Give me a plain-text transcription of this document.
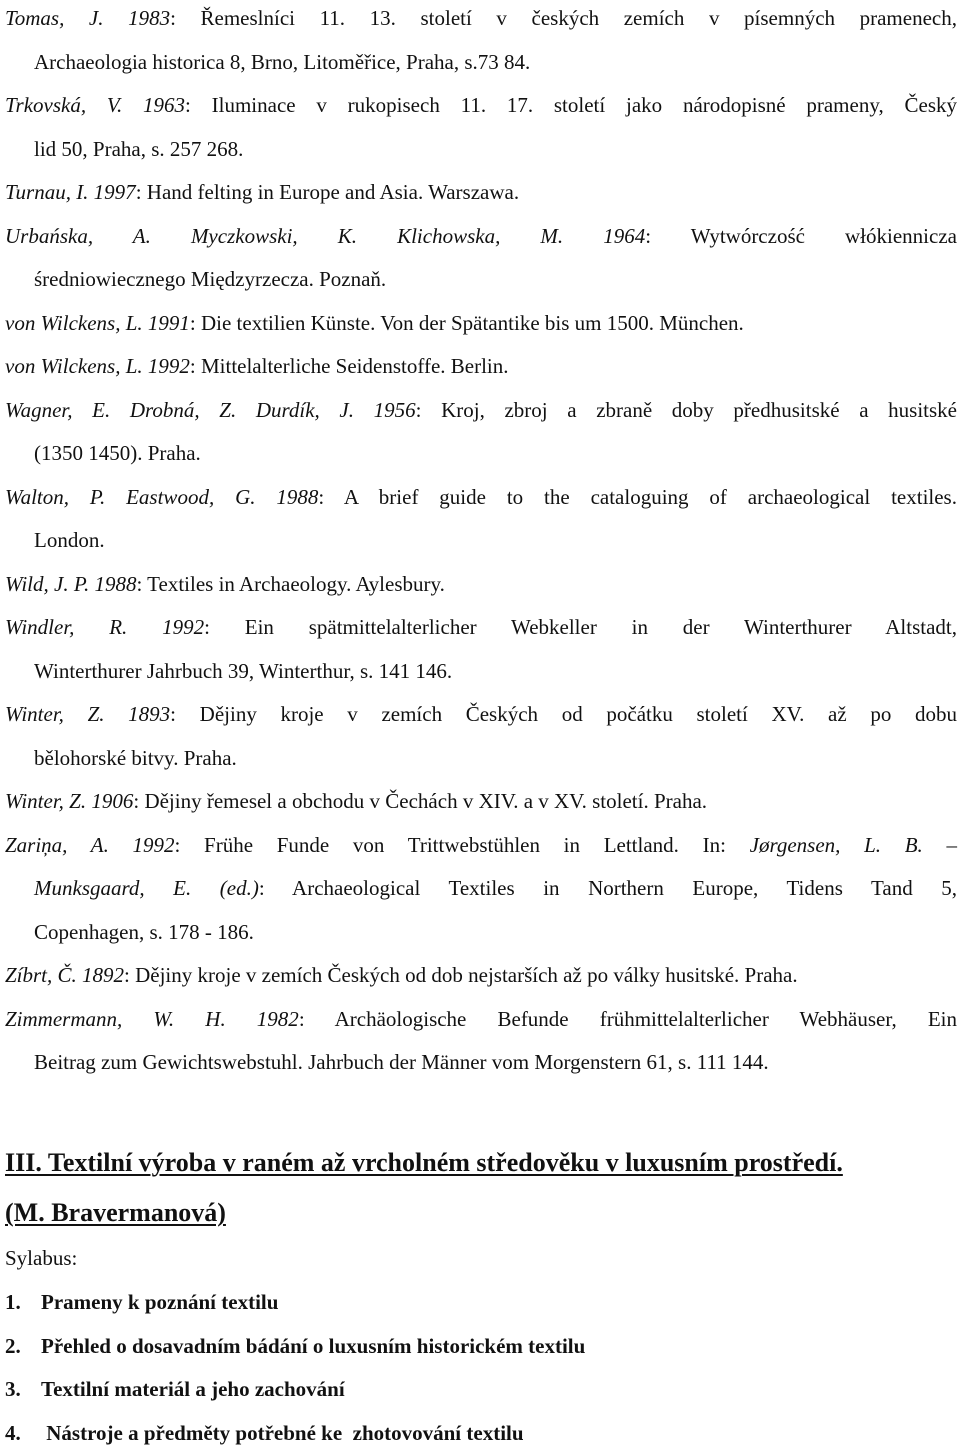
Tomas, J. 1983: Řemeslníci 11. 13. století v českých zemích v písemných pramenech,
Archaeologia historica 8, Brno, Litoměřice, Praha, s.73 84.

Trkovská, V. 1963: Iluminace v rukopisech 11. 17. století jako národopisné prameny, Český
lid 50, Praha, s. 257 268.

Turnau, I. 1997: Hand felting in Europe and Asia. Warszawa.

Urbańska, A. Myczkowski, K. Klichowska, M. 1964: Wytwórczość włókiennicza
średniowiecznego Międzyrzecza. Poznaň.

von Wilckens, L. 1991: Die textilien Künste. Von der Spätantike bis um 1500. München.

von Wilckens, L. 1992: Mittelalterliche Seidenstoffe. Berlin.

Wagner, E. Drobná, Z. Durdík, J. 1956: Kroj, zbroj a zbraně doby předhusitské a husitské
(1350 1450). Praha.

Walton, P. Eastwood, G. 1988: A brief guide to the cataloguing of archaeological textiles.
London.

Wild, J. P. 1988: Textiles in Archaeology. Aylesbury.

Windler, R. 1992: Ein spätmittelalterlicher Webkeller in der Winterthurer Altstadt,
Winterthurer Jahrbuch 39, Winterthur, s. 141 146.

Winter, Z. 1893: Dějiny kroje v zemích Českých od počátku století XV. až po dobu
bělohorské bitvy. Praha.

Winter, Z. 1906: Dějiny řemesel a obchodu v Čechách v XIV. a v XV. století. Praha.

Zariņa, A. 1992: Frühe Funde von Trittwebstühlen in Lettland. In: Jørgensen, L. B. –
Munksgaard, E. (ed.): Archaeological Textiles in Northern Europe, Tidens Tand 5,
Copenhagen, s. 178 - 186.

Zíbrt, Č. 1892: Dějiny kroje v zemích Českých od dob nejstarších až po války husitské. Praha.

Zimmermann, W. H. 1982: Archäologische Befunde frühmittelalterlicher Webhäuser, Ein
Beitrag zum Gewichtswebstuhl. Jahrbuch der Männer vom Morgenstern 61, s. 111 144.

III. Textilní výroba v raném až vrcholném středověku v luxusním prostředí.
(M. Bravermanová)
Sylabus:
1. Prameny k poznání textilu
2. Přehled o dosavadním bádání o luxusním historickém textilu
3. Textilní materiál a jeho zachování
4. Nástroje a předměty potřebné ke  zhotovování textilu
